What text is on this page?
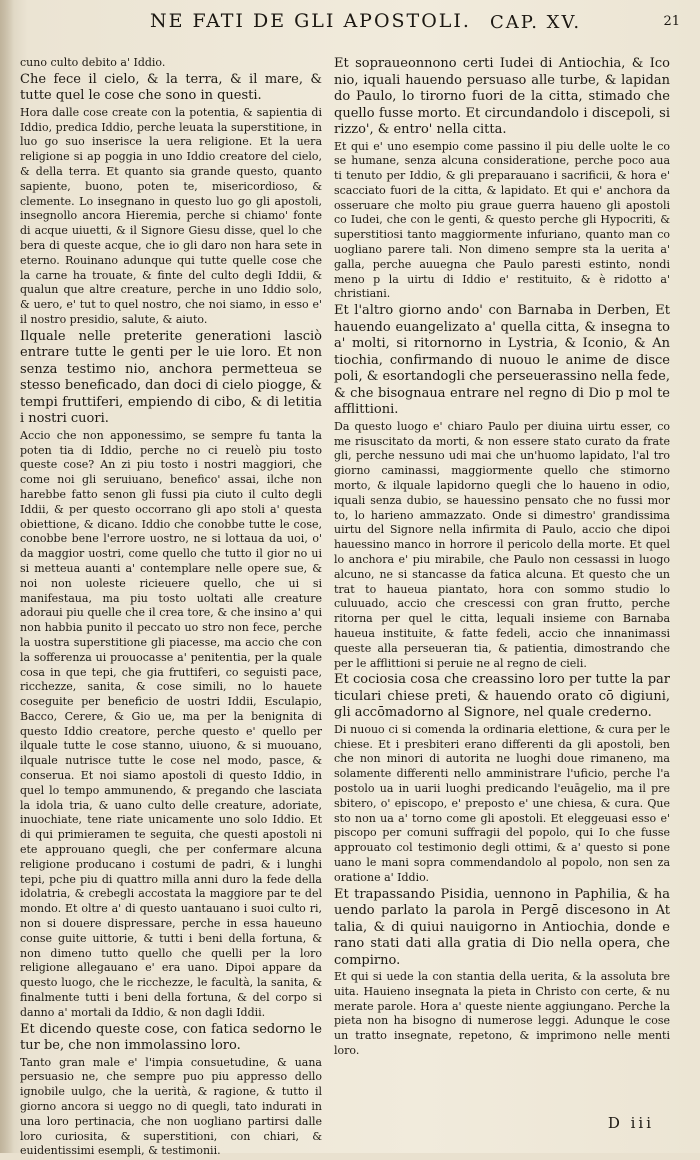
NE FATI DE GLI APOSTOLI. CAP. XV.	21

cuno culto debito a' Iddio.

Che fece il cielo, & la terra, & il mare, & tutte quel le cose che sono in questi.

Hora dalle cose create con la potentia, & sapientia di Iddio, predica Iddio, perche leuata la superstitione, in luo go suo inserisce la uera religione. Et la uera religione si ap poggia in uno Iddio creatore del cielo, & della terra. Et quanto sia grande questo, quanto sapiente, buono, poten te, misericordioso, & clemente. Lo insegnano in questo luo go gli apostoli, insegnollo ancora Hieremia, perche si chiamo' fonte di acque uiuetti, & il Signore Giesu disse, quel lo che bera di queste acque, che io gli daro non hara sete in eterno. Rouinano adunque qui tutte quelle cose che la carne ha trouate, & finte del culto degli Iddii, & qualun que altre creature, perche in uno Iddio solo, & uero, e' tut to quel nostro, che noi siamo, in esso e' il nostro presidio, salute, & aiuto.

Ilquale nelle preterite generationi lasciò entrare tutte le genti per le uie loro. Et non senza testimo nio, anchora permetteua se stesso beneficado, dan doci di cielo piogge, & tempi fruttiferi, empiendo di cibo, & di letitia i nostri cuori.

Accio che non apponessimo, se sempre fu tanta la poten tia di Iddio, perche no ci reuelò piu tosto queste cose? An zi piu tosto i nostri maggiori, che come noi gli seruiuano, benefico' assai, ilche non harebbe fatto senon gli fussi pia ciuto il culto degli Iddii, & per questo occorrano gli apo stoli a' questa obiettione, & dicano. Iddio che conobbe tutte le cose, conobbe bene l'errore uostro, ne si lottaua da uoi, o' da maggior uostri, come quello che tutto il gior no ui si metteua auanti a' contemplare nelle opere sue, & noi non uoleste ricieuere quello, che ui si manifestaua, ma piu tosto uoltati alle creature adoraui piu quelle che il crea tore, & che insino a' qui non habbia punito il peccato uo stro non fece, perche la uostra superstitione gli piacesse, ma accio che con la sofferenza ui prouocasse a' penitentia, per la quale cosa in que tepi, che gia fruttiferi, co seguisti pace, ricchezze, sanita, & cose simili, no lo hauete coseguite per beneficio de uostri Iddii, Esculapio, Bacco, Cerere, & Gio ue, ma per la benignita di questo Iddio creatore, perche questo e' quello per ilquale tutte le cose stanno, uiuono, & si muouano, ilquale nutrisce tutte le cose nel modo, pasce, & conserua. Et noi siamo apostoli di questo Iddio, in quel lo tempo ammunendo, & pregando che lasciata la idola tria, & uano culto delle creature, adoriate, inuochiate, tene riate unicamente uno solo Iddio. Et di qui primieramen te seguita, che questi apostoli ni ete approuano quegli, che per confermare alcuna religione producano i costumi de padri, & i lunghi tepi, pche piu di quattro milla anni duro la fede della idolatria, & crebegli accostata la maggiore par te del mondo. Et oltre a' di questo uantauano i suoi culto ri, non si douere dispressare, perche in essa haueuno conse guite uittorie, & tutti i beni della fortuna, & non dimeno tutto quello che quelli per la loro religione allegauano e' era uano. Dipoi appare da questo luogo, che le ricchezze, le facultà, la sanita, & finalmente tutti i beni della fortuna, & del corpo si danno a' mortali da Iddio, & non dagli Iddii.

Et dicendo queste cose, con fatica sedorno le tur be, che non immolassino loro.

Tanto gran male e' l'impia consuetudine, & uana persuasio ne, che sempre puo piu appresso dello ignobile uulgo, che la uerità, & ragione, & tutto il giorno ancora si ueggo no di quegli, tato indurati in una loro pertinacia, che non uogliano partirsi dalle loro curiosita, & superstitioni, con chiari, & euidentissimi esempli, & testimonii.

Et sopraueonnono certi Iudei di Antiochia, & Ico nio, iquali hauendo persuaso alle turbe, & lapidan do Paulo, lo tirorno fuori de la citta, stimado che quello fusse morto. Et circundandolo i discepoli, si rizzo', & entro' nella citta.

Et qui e' uno esempio come passino il piu delle uolte le co se humane, senza alcuna consideratione, perche poco aua ti tenuto per Iddio, & gli preparauano i sacrificii, & hora e' scacciato fuori de la citta, & lapidato. Et qui e' anchora da osseruare che molto piu graue guerra haueno gli apostoli co Iudei, che con le genti, & questo perche gli Hypocriti, & superstitiosi tanto maggiormente infuriano, quanto man co uogliano parere tali. Non dimeno sempre sta la uerita a' galla, perche auuegna che Paulo paresti estinto, nondi meno p la uirtu di Iddio e' restituito, & è ridotto a' christiani.

Et l'altro giorno ando' con Barnaba in Derben, Et hauendo euangelizato a' quella citta, & insegna to a' molti, si ritornorno in Lystria, & Iconio, & An tiochia, confirmando di nuouo le anime de disce poli, & esortandogli che perseuerassino nella fede, & che bisognaua entrare nel regno di Dio p mol te afflittioni.

Da questo luogo e' chiaro Paulo per diuina uirtu esser, co me risuscitato da morti, & non essere stato curato da frate gli, perche nessuno udi mai che un'huomo lapidato, l'al tro giorno caminassi, maggiormente quello che stimorno morto, & ilquale lapidorno quegli che lo haueno in odio, iquali senza dubio, se hauessino pensato che no fussi mor to, lo harieno ammazzato. Onde si dimestro' grandissima uirtu del Signore nella infirmita di Paulo, accio che dipoi hauessino manco in horrore il pericolo della morte. Et quel lo anchora e' piu mirabile, che Paulo non cessassi in luogo alcuno, ne si stancasse da fatica alcuna. Et questo che un trat to haueua piantato, hora con sommo studio lo culuuado, accio che crescessi con gran frutto, perche ritorna per quel le citta, lequali insieme con Barnaba haueua instituite, & fatte fedeli, accio che innanimassi queste alla perseueran tia, & patientia, dimostrando che per le afflittioni si peruie ne al regno de cieli.

Et cociosia cosa che creassino loro per tutte la par ticulari chiese preti, & hauendo orato cō digiuni, gli accōmadorno al Signore, nel quale crederno.

Di nuouo ci si comenda la ordinaria elettione, & cura per le chiese. Et i presbiteri erano differenti da gli apostoli, ben che non minori di autorita ne luoghi doue rimaneno, ma solamente differenti nello amministrare l'uficio, perche l'a postolo ua in uarii luoghi predicando l'euāgelio, ma il pre sbitero, o' episcopo, e' preposto e' une chiesa, & cura. Que sto non ua a' torno come gli apostoli. Et eleggeuasi esso e' piscopo per comuni suffragii del popolo, qui Io che fusse approuato col testimonio degli ottimi, & a' questo si pone uano le mani sopra commendandolo al popolo, non sen za oratione a' Iddio.

Et trapassando Pisidia, uennono in Paphilia, & ha uendo parlato la parola in Pergē discesono in At talia, & di quiui nauigorno in Antiochia, donde e rano stati dati alla gratia di Dio nella opera, che compirno.

Et qui si uede la con stantia della uerita, & la assoluta bre uita. Hauieno insegnata la pieta in Christo con certe, & nu merate parole. Hora a' queste niente aggiungano. Perche la pieta non ha bisogno di numerose leggi. Adunque le cose un tratto insegnate, repetono, & imprimono nelle menti loro.

D iii
